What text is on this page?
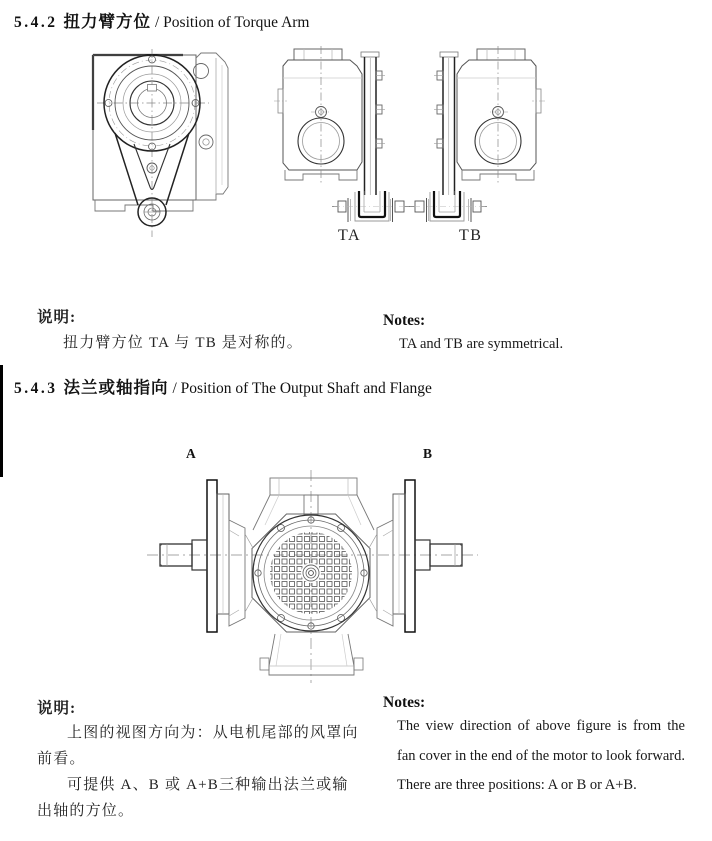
5.4.2 扭力臂方位 / Position of Torque Arm
TA	TB
说明:
扭力臂方位 TA 与 TB 是对称的。
Notes:
TA and TB are symmetrical.
5.4.3 法兰或轴指向 / Position of The Output Shaft and Flange
A	B
说明:

上图的视图方向为：从电机尾部的风罩向前看。

可提供 A、B 或 A+B三种输出法兰或输出轴的方位。

Notes:
The view direction of above figure is from the fan cover in the end of the motor to look forward. There are three positions: A or B or A+B.
